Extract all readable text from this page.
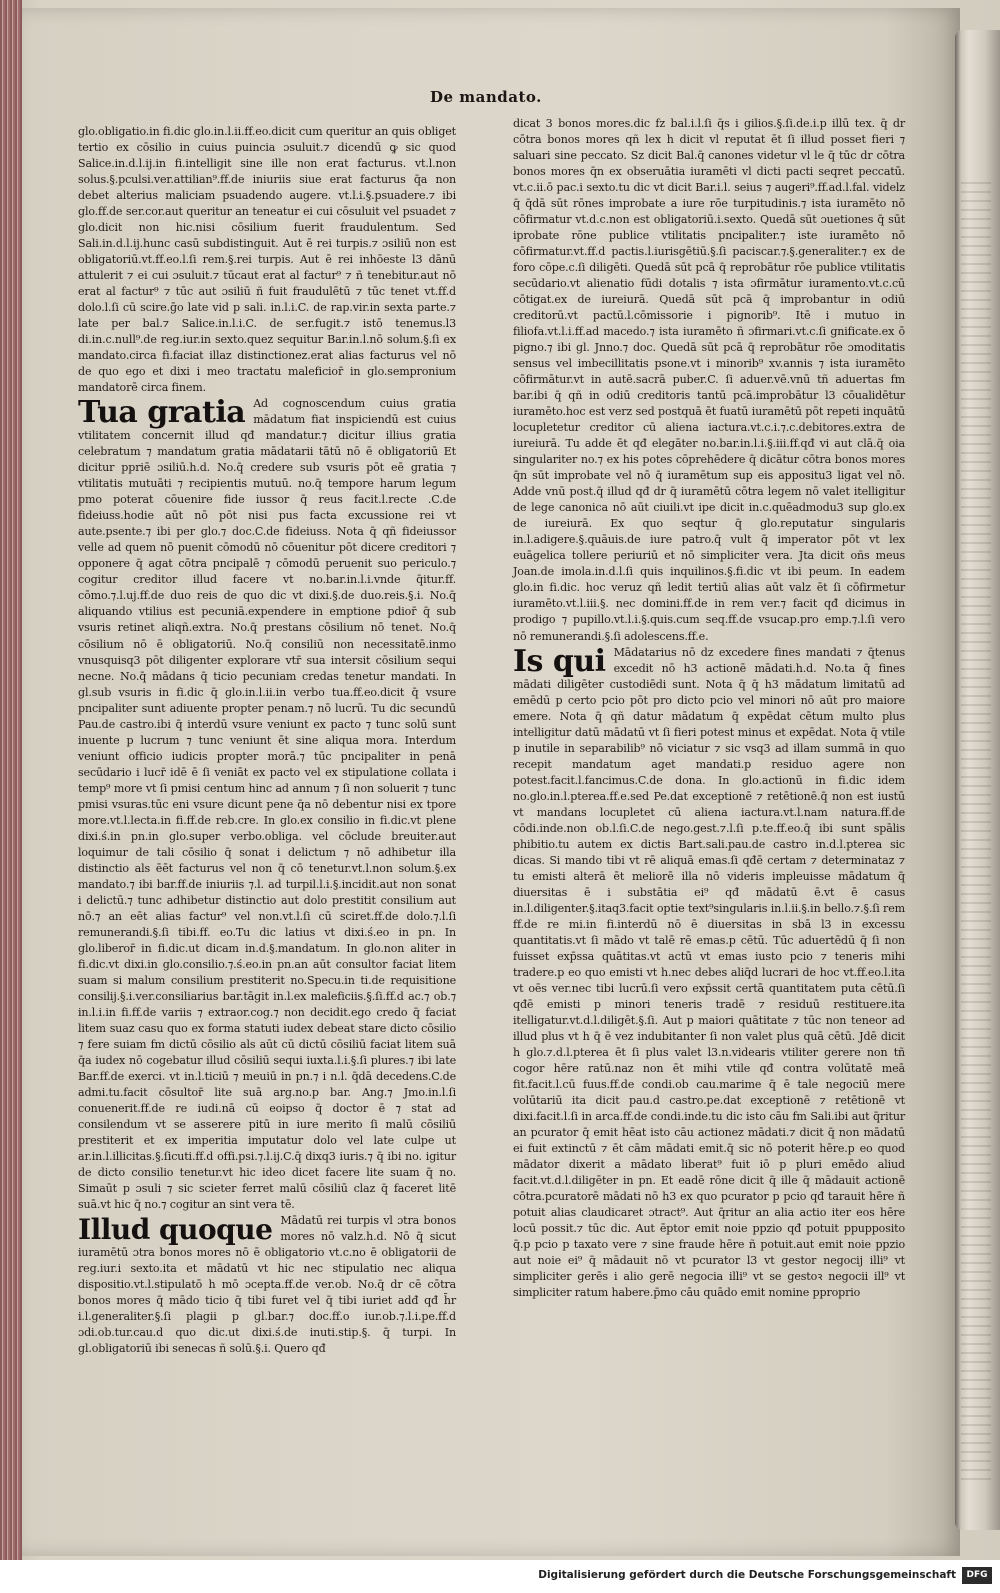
De mandato.

glo.obligatio.in fi.dic glo.in.l.ii.ff.eo.dicit cum queritur an quis obliget tertio ex cōsilio in cuius puincia ɔsuluit.⁊ dicendū ꝙ sic quod Salice.in.d.l.ij.in fi.intelligit sine ille non erat facturus. vt.l.non solus.§.pculsi.ver.attilian⁹.ff.de iniuriis siue erat facturus q̄a non debet alterius maliciam psuadendo augere. vt.l.i.§.psuadere.⁊ ibi glo.ff.de ser.cor.aut queritur an teneatur ei cui cōsuluit vel psuadet ⁊ glo.dicit non hic.nisi cōsilium fuerit fraudulentum. Sed Sali.in.d.l.ij.hunc casū subdistinguit. Aut ē rei turpis.⁊ ɔsiliū non est obligatoriū.vt.ff.eo.l.ſi rem.§.rei turpis. Aut ē rei inhōeste l3 dānū attulerit ⁊ ei cui ɔsuluit.⁊ tūcaut erat al factur⁹ ⁊ ñ tenebitur.aut nō erat al factur⁹ ⁊ tūc aut ɔsiliū ñ fuit fraudulētū ⁊ tūc tenet vt.ff.d dolo.l.ſi cū scire.ḡo late vid p sali. in.l.i.C. de rap.vir.in sexta parte.⁊ late per bal.⁊ Salice.in.l.i.C. de ser.fugit.⁊ istō tenemus.l3 di.in.c.null⁹.de reg.iur.in sexto.quez sequitur Bar.in.l.nō solum.§.ſi ex mandato.circa fi.faciat illaz distinctionez.erat alias facturus vel nō de quo ego et dixi i meo tractatu maleficior̄ in glo.sempronium mandatorē circa finem.

Tua gratia Ad cognoscendum cuius gratia mādatum fiat inspiciendū est cuius vtilitatem concernit illud qđ mandatur.⁊ dicitur illius gratia celebratum ⁊ mandatum gratia mādatarii tātū nō ē obligatoriū Et dicitur ppriē ɔsiliū.h.d. No.q̄ credere sub vsuris pōt eē gratia ⁊ vtilitatis mutuāti ⁊ recipientis mutuū. no.q̄ tempore harum legum pmo poterat cōuenire fide iussor q̄ reus facit.l.recte .C.de fideiuss.hodie aūt nō pōt nisi pus facta excussione rei vt aute.psente.⁊ ibi per glo.⁊ doc.C.de fideiuss. Nota q̄ qñ fideiussor velle ad quem nō puenit cōmodū nō cōuenitur pōt dicere creditori ⁊ opponere q̄ agat cōtra pncipalē ⁊ cōmodū peruenit suo periculo.⁊ cogitur creditor illud facere vt no.bar.in.l.i.vnde q̄itur.ff. cōmo.⁊.l.uj.ff.de duo reis de quo dic vt dixi.§.de duo.reis.§.i. No.q̄ aliquando vtilius est pecuniā.expendere in emptione pdior̄ q̄ sub vsuris retinet aliqñ.extra. No.q̄ prestans cōsilium nō tenet. No.q̄ cōsilium nō ē obligatoriū. No.q̄ consiliū non necessitatē.inmo vnusquisq3 pōt diligenter explorare vtr̄ sua intersit cōsilium sequi necne. No.q̄ mādans q̄ ticio pecuniam credas tenetur mandati. In gl.sub vsuris in fi.dic q̄ glo.in.l.ii.in verbo tua.ff.eo.dicit q̄ vsure pncipaliter sunt adiuente propter penam.⁊ nō lucrū. Tu dic secundū Pau.de castro.ibi q̄ interdū vsure veniunt ex pacto ⁊ tunc solū sunt inuente p lucrum ⁊ tunc veniunt ēt sine aliqua mora. Interdum veniunt officio iudicis propter morā.⁊ tūc pncipaliter in penā secūdario i lucr̄ idē ē ſi veniāt ex pacto vel ex stipulatione collata i temp⁹ more vt ſi pmisi centum hinc ad annum ⁊ ſi non soluerit ⁊ tunc pmisi vsuras.tūc eni vsure dicunt pene q̄a nō debentur nisi ex tpore more.vt.l.lecta.in fi.ff.de reb.cre. In glo.ex consilio in fi.dic.vt plene dixi.ś.in pn.in glo.super verbo.obliga. vel cōclude breuiter.aut loquimur de tali cōsilio q̄ sonat i delictum ⁊ nō adhibetur illa distinctio als ēēt facturus vel non q̄ cō tenetur.vt.l.non solum.§.ex mandato.⁊ ibi bar.ff.de iniuriis ⁊.l. ad turpil.l.i.§.incidit.aut non sonat i delictū.⁊ tunc adhibetur distinctio aut dolo prestitit consilium aut nō.⁊ an eēt alias factur⁹ vel non.vt.l.ſi cū sciret.ff.de dolo.⁊.l.ſi remunerandi.§.ſi tibi.ff. eo.Tu dic latius vt dixi.ś.eo in pn. In glo.liberor̄ in fi.dic.ut dicam in.d.§.mandatum. In glo.non aliter in fi.dic.vt dixi.in glo.consilio.⁊.ś.eo.in pn.an aūt consultor faciat litem suam si malum consilium prestiterit no.Specu.in ti.de requisitione consilij.§.i.ver.consiliarius bar.tāgit in.l.ex maleficiis.§.ſi.ff.d ac.⁊ ob.⁊ in.l.i.in fi.ff.de variis ⁊ extraor.cog.⁊ non decidit.ego credo q̄ faciat litem suaz casu quo ex forma statuti iudex debeat stare dicto cōsilio ⁊ fere suiam fm dictū cōsilio als aūt cū dictū cōsiliū faciat litem suā q̄a iudex nō cogebatur illud cōsiliū sequi iuxta.l.i.§.ſi plures.⁊ ibi late Bar.ff.de exerci. vt in.l.ticiū ⁊ meuiū in pn.⁊ i n.l. q̄dā decedens.C.de admi.tu.facit cōsultor̄ lite suā arg.no.p bar. Ang.⁊ Jmo.in.l.ſi conuenerit.ff.de re iudi.nā cū eoipso q̄ doctor ē ⁊ stat ad consilendum vt se asserere pitū in iure merito ſi malū cōsiliū prestiterit et ex imperitia imputatur dolo vel late culpe ut ar.in.l.illicitas.§.ſicuti.ff.d offi.psi.⁊.l.ij.C.q̄ dixq3 iuris.⁊ q̄ ibi no. igitur de dicto consilio tenetur.vt hic ideo dicet facere lite suam q̄ no. Simaūt p ɔsuli ⁊ sic scieter ferret malū cōsiliū claz q̄ faceret litē suā.vt hic q̄ no.⁊ cogitur an sint vera tē.

Illud quoque Mādatū rei turpis vl ɔtra bonos mores nō valz.h.d. Nō q̄ sicut iuramētū ɔtra bonos mores nō ē obligatorio vt.c.no ē obligatorii de reg.iur.i sexto.ita et mādatū vt hic nec stipulatio nec aliqua dispositio.vt.l.stipulatō h mō ɔcepta.ff.de ver.ob. No.q̄ dr cē cōtra bonos mores q̄ mādo ticio q̄ tibi furet vel q̄ tibi iuriet adđ qđ h̄r i.l.generaliter.§.ſi plagii p gl.bar.⁊ doc.ff.o iur.ob.⁊.l.i.pe.ff.d ɔdi.ob.tur.cau.d quo dic.ut dixi.ś.de inuti.stip.§. q̄ turpi. In gl.obligatoriū ibi senecas ñ solū.§.i. Quero qđ

dicat 3 bonos mores.dic fz bal.i.l.ſi q̄s i gilios.§.ſi.de.i.p illū tex. q̄ dr cōtra bonos mores qñ lex h dicit vl reputat ēt ſi illud posset fieri ⁊ saluari sine peccato. Sz dicit Bal.q̄ canones videtur vl le q̄ tūc dr cōtra bonos mores q̄n ex obseruātia iuramēti vl dicti pacti seqret peccatū. vt.c.ii.ō pac.i sexto.tu dic vt dicit Bar.i.l. seius ⁊ augeri⁹.ff.ad.l.fal. videlz q̄ q̄dā sūt rōnes improbate a iure rōe turpitudinis.⁊ ista iuramēto nō cōfirmatur vt.d.c.non est obligatoriū.i.sexto. Quedā sūt ɔuetiones q̄ sūt iprobate rōne publice vtilitatis pncipaliter.⁊ iste iuramēto nō cōfirmatur.vt.ff.d pactis.l.iurisgētiū.§.ſi paciscar.⁊.§.generaliter.⁊ ex de foro cōpe.c.ſi diligēti. Quedā sūt pcā q̄ reprobātur rōe publice vtilitatis secūdario.vt alienatio fūdi dotalis ⁊ ista ɔfirmātur iuramento.vt.c.cū cōtigat.ex de iureiurā. Quedā sūt pcā q̄ improbantur in odiū creditorū.vt pactū.l.cōmissorie i pignorib⁹. Itē i mutuo in filiofa.vt.l.i.ff.ad macedo.⁊ ista iuramēto ñ ɔfirmari.vt.c.ſi gnificate.ex ō pigno.⁊ ibi gl. Jnno.⁊ doc. Quedā sūt pcā q̄ reprobātur rōe ɔmoditatis sensus vel imbecillitatis psone.vt i minorib⁹ xv.annis ⁊ ista iuramēto cōfirmātur.vt in autē.sacrā puber.C. ſi aduer.vē.vnū tñ aduertas fm bar.ibi q̄ qñ in odiū creditoris tantū pcā.improbātur l3 cōualidētur iuramēto.hoc est verz sed postquā ēt fuatū iuramētū pōt repeti inquātū locupletetur creditor cū aliena iactura.vt.c.i.⁊.c.debitores.extra de iureiurā. Tu adde ēt qđ elegāter no.bar.in.l.i.§.iii.ff.qđ vi aut clā.q̄ oia singulariter no.⁊ ex his potes cōprehēdere q̄ dicātur cōtra bonos mores q̄n sūt improbate vel nō q̄ iuramētum sup eis appositu3 ligat vel nō. Adde vnū post.q̄ illud qđ dr q̄ iuramētū cōtra legem nō valet itelligitur de lege canonica nō aūt ciuili.vt ipe dicit in.c.quēadmodu3 sup glo.ex de iureiurā. Ex quo seqtur q̄ glo.reputatur singularis in.l.adigere.§.quāuis.de iure patro.q̄ vult q̄ imperator pōt vt lex euāgelica tollere periuriū et nō simpliciter vera. Jta dicit oñs meus Joan.de imola.in.d.l.ſi quis inquilinos.§.fi.dic vt ibi peum. In eadem glo.in fi.dic. hoc veruz qñ ledit tertiū alias aūt valz ēt ſi cōfirmetur iuramēto.vt.l.iii.§. nec domini.ff.de in rem ver.⁊ facit qđ dicimus in prodigo ⁊ pupillo.vt.l.i.§.quis.cum seq.ff.de vsucap.pro emp.⁊.l.ſi vero nō remunerandi.§.ſi adolescens.ff.e.

Is qui Mādatarius nō dz excedere fines mandati ⁊ q̄tenus excedit nō h3 actionē mādati.h.d. No.ta q̄ fines mādati diligēter custodiēdi sunt. Nota q̄ q̄ h3 mādatum limitatū ad emēdū p certo pcio pōt pro dicto pcio vel minori nō aūt pro maiore emere. Nota q̄ qñ datur mādatum q̄ expēdat cētum multo plus intelligitur datū mādatū vt ſi fieri potest minus et expēdat. Nota q̄ vtile p inutile in separabilib⁹ nō viciatur ⁊ sic vsq3 ad illam summā in quo recepit mandatum aget mandati.p residuo agere non potest.facit.l.fancimus.C.de dona. In glo.actionū in fi.dic idem no.glo.in.l.pterea.ff.e.sed Pe.dat exceptionē ⁊ retētionē.q̄ non est iustū vt mandans locupletet cū aliena iactura.vt.l.nam natura.ff.de cōdi.inde.non ob.l.ſi.C.de nego.gest.⁊.l.ſi p.te.ff.eo.q̄ ibi sunt spālis phibitio.tu autem ex dictis Bart.sali.pau.de castro in.d.l.pterea sic dicas. Si mando tibi vt rē aliquā emas.ſi qđē certam ⁊ determinataz ⁊ tu emisti alterā ēt meliorē illa nō videris impleuisse mādatum q̄ diuersitas ē i substātia ei⁹ qđ mādatū ē.vt ē casus in.l.diligenter.§.itaq3.facit optie text⁹singularis in.l.ii.§.in bello.⁊.§.ſi rem ff.de re mi.in fi.interdū nō ē diuersitas in sbā l3 in excessu quantitatis.vt ſi mādo vt talē rē emas.p cētū. Tūc aduertēdū q̄ ſi non fuisset exp̄ssa quātitas.vt actū vt emas iusto pcio ⁊ teneris mihi tradere.p eo quo emisti vt h.nec debes aliq̄d lucrari de hoc vt.ff.eo.l.ita vt oēs ver.nec tibi lucrū.ſi vero exp̄ssit certā quantitatem puta cētū.ſi qđē emisti p minori teneris tradē ⁊ residuū restituere.ita itelligatur.vt.d.l.diligēt.§.ſi. Aut p maiori quātitate ⁊ tūc non teneor ad illud plus vt h q̄ ē vez indubitanter ſi non valet plus quā cētū. Jdē dicit h glo.⁊.d.l.pterea ēt ſi plus valet l3.n.videaris vtiliter gerere non tñ cogor hēre ratū.naz non ēt mihi vtile qđ contra volūtatē meā fit.facit.l.cū fuus.ff.de condi.ob cau.marime q̄ ē tale negociū mere volūtariū ita dicit pau.d castro.pe.dat exceptionē ⁊ retētionē vt dixi.facit.l.ſi in arca.ff.de condi.inde.tu dic isto cāu fm Sali.ibi aut q̄ritur an pcurator q̄ emit hēat isto cāu actionez mādati.⁊ dicit q̄ non mādatū ei fuit extinctū ⁊ ēt cām mādati emit.q̄ sic nō poterit hēre.p eo quod mādator dixerit a mādato liberat⁹ fuit iō p pluri emēdo aliud facit.vt.d.l.diligēter in pn. Et eadē rōne dicit q̄ ille q̄ mādauit actionē cōtra.pcuratorē mādati nō h3 ex quo pcurator p pcio qđ tarauit hēre ñ potuit alias claudicaret ɔtract⁹. Aut q̄ritur an alia actio iter eos hēre locū possit.⁊ tūc dic. Aut ēptor emit noie ppzio qđ potuit ppupposito q̄.p pcio p taxato vere ⁊ sine fraude hēre ñ potuit.aut emit noie ppzio aut noie ei⁹ q̄ mādauit nō vt pcurator l3 vt gestor negocij illi⁹ vt simpliciter gerēs i alio gerē negocia illi⁹ vt se gestoꝛ negocii ill⁹ vt simpliciter ratum habere.p̄mo cāu quādo emit nomine pproprio

Digitalisierung gefördert durch die Deutsche Forschungsgemeinschaft	DFG
